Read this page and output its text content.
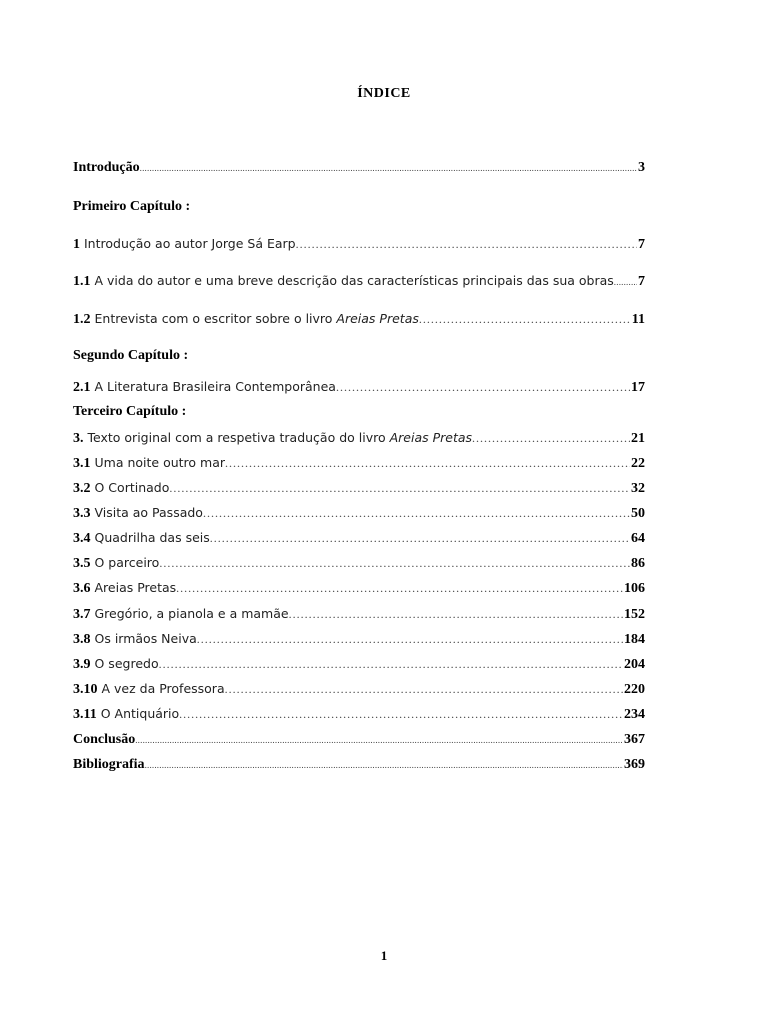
ÍNDICE
Introdução .....	3
Primeiro Capítulo :
1 Introdução ao autor Jorge Sá Earp .....	7
1.1 A vida do autor e uma breve descrição das características principais das sua obras ..... 7
1.2 Entrevista com o escritor sobre o livro Areias Pretas .....	11
Segundo Capítulo :
2.1 A Literatura Brasileira Contemporânea .....	17
Terceiro Capítulo :
3. Texto original com a respetiva tradução do livro Areias Pretas .....	21
3.1 Uma noite outro mar .....	22
3.2 O Cortinado .....	32
3.3 Visita ao Passado .....	50
3.4 Quadrilha das seis .....	64
3.5 O parceiro .....	86
3.6 Areias Pretas .....	106
3.7 Gregório, a pianola e a mamãe .....	152
3.8 Os irmãos Neiva .....	184
3.9 O segredo .....	204
3.10 A vez da Professora .....	220
3.11 O Antiquário .....	234
Conclusão .....	367
Bibliografia .....	369
1
